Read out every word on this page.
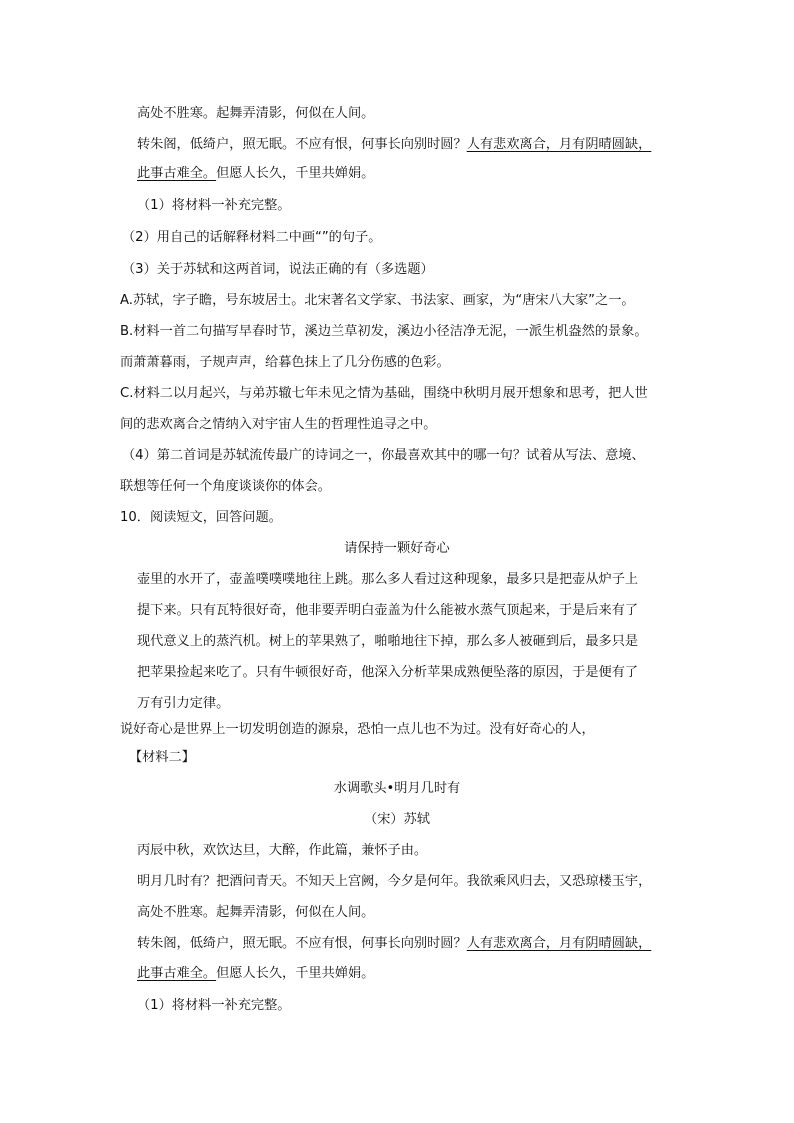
高处不胜寒。起舞弄清影，何似在人间。
转朱阁，低绮户，照无眠。不应有恨，何事长向别时圆？人有悲欢离合，月有阴晴圆缺，
此事古难全。但愿人长久，千里共婵娟。
（1）将材料一补充完整。
（2）用自己的话解释材料二中画“”的句子。
（3）关于苏轼和这两首词，说法正确的有（多选题）
A.苏轼，字子瞻，号东坡居士。北宋著名文学家、书法家、画家，为“唐宋八大家”之一。
B.材料一首二句描写早春时节，溪边兰草初发，溪边小径洁净无泥，一派生机盎然的景象。
而萧萧暮雨，子规声声，给暮色抹上了几分伤感的色彩。
C.材料二以月起兴，与弟苏辙七年未见之情为基础，围绕中秋明月展开想象和思考，把人世
间的悲欢离合之情纳入对宇宙人生的哲理性追寻之中。
（4）第二首词是苏轼流传最广的诗词之一，你最喜欢其中的哪一句？试着从写法、意境、
联想等任何一个角度谈谈你的体会。
10．阅读短文，回答问题。
请保持一颗好奇心
壶里的水开了，壶盖噗噗噗地往上跳。那么多人看过这种现象，最多只是把壶从炉子上
提下来。只有瓦特很好奇，他非要弄明白壶盖为什么能被水蒸气顶起来，于是后来有了
现代意义上的蒸汽机。树上的苹果熟了，啪啪地往下掉，那么多人被砸到后，最多只是
把苹果捡起来吃了。只有牛顿很好奇，他深入分析苹果成熟便坠落的原因，于是便有了
万有引力定律。
说好奇心是世界上一切发明创造的源泉，恐怕一点儿也不为过。没有好奇心的人，
【材料二】
水调歌头•明月几时有
（宋）苏轼
丙辰中秋，欢饮达旦，大醉，作此篇，兼怀子由。
明月几时有？把酒问青天。不知天上宫阙，今夕是何年。我欲乘风归去，又恐琼楼玉宇，
高处不胜寒。起舞弄清影，何似在人间。
转朱阁，低绮户，照无眠。不应有恨，何事长向别时圆？人有悲欢离合，月有阴晴圆缺，
此事古难全。但愿人长久，千里共婵娟。
（1）将材料一补充完整。
